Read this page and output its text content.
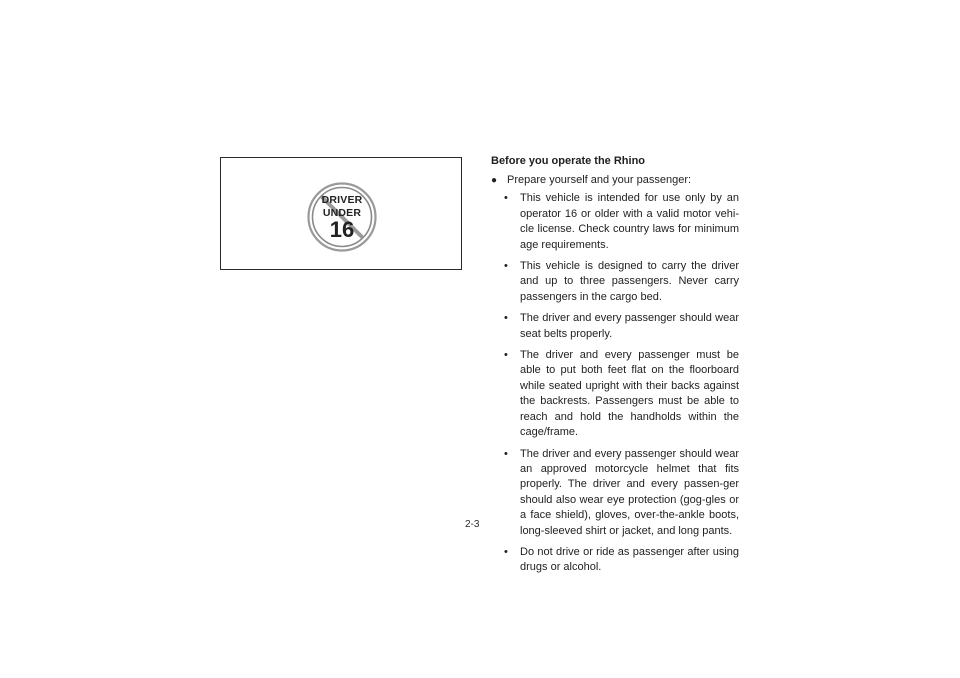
DRIVER
UNDER
16
2-3
Before you operate the Rhino
● Prepare yourself and your passenger:
• This vehicle is intended for use only by an operator 16 or older with a valid motor vehi-cle license. Check country laws for minimum age requirements.
• This vehicle is designed to carry the driver and up to three passengers. Never carry passengers in the cargo bed.
• The driver and every passenger should wear seat belts properly.
• The driver and every passenger must be able to put both feet flat on the floorboard while seated upright with their backs against the backrests. Passengers must be able to reach and hold the handholds within the cage/frame.
• The driver and every passenger should wear an approved motorcycle helmet that fits properly. The driver and every passen-ger should also wear eye protection (gog-gles or a face shield), gloves, over-the-ankle boots, long-sleeved shirt or jacket, and long pants.
• Do not drive or ride as passenger after using drugs or alcohol.
